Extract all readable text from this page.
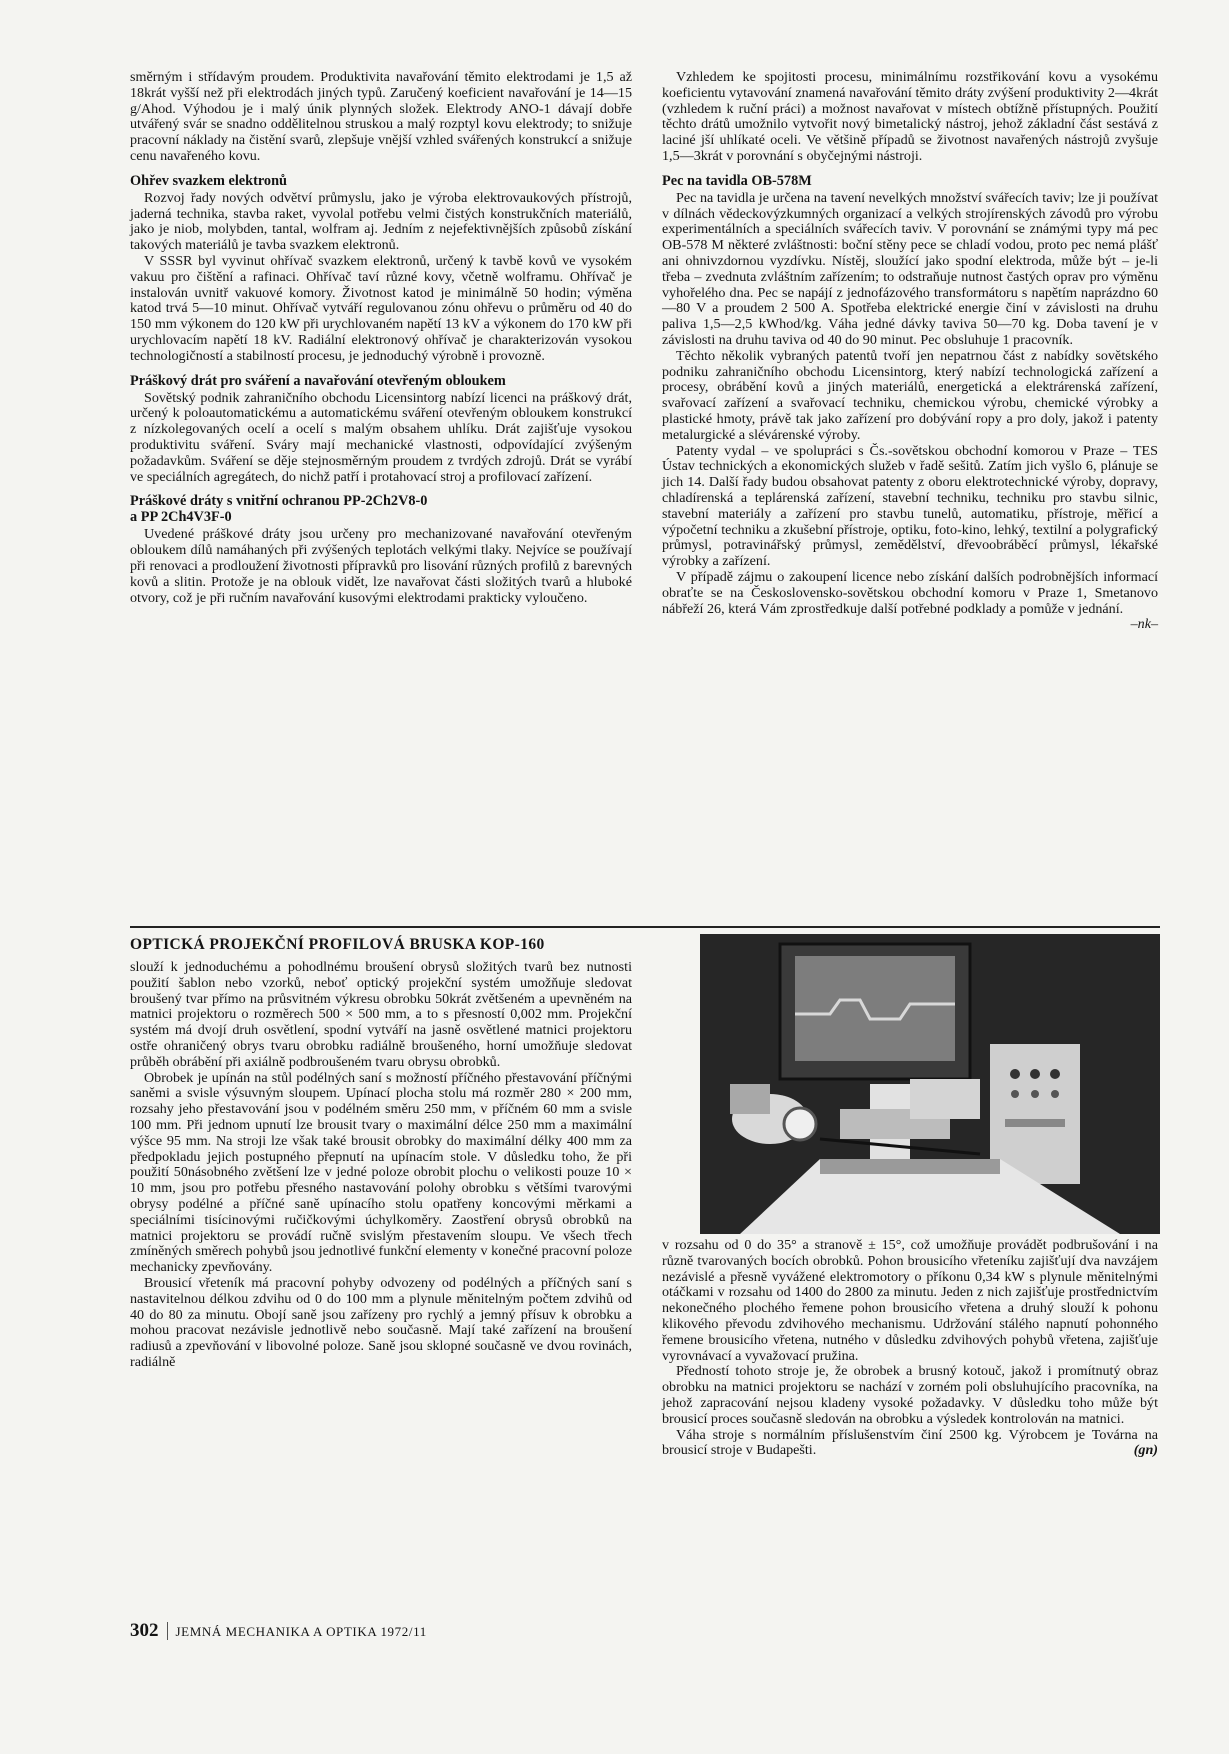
směrným i střídavým proudem. Produktivita navařování těmito elektrodami je 1,5 až 18krát vyšší než při elektrodách jiných typů. Zaručený koeficient navařování je 14—15 g/Ahod. Výhodou je i malý únik plynných složek. Elektrody ANO-1 dávají dobře utvářený svár se snadno oddělitelnou struskou a malý rozptyl kovu elektrody; to snižuje pracovní náklady na čistění svarů, zlepšuje vnější vzhled svářených konstrukcí a snižuje cenu navařeného kovu.

Ohřev svazkem elektronů

Rozvoj řady nových odvětví průmyslu, jako je výroba elektrovaukových přístrojů, jaderná technika, stavba raket, vyvolal potřebu velmi čistých konstrukčních materiálů, jako je niob, molybden, tantal, wolfram aj. Jedním z nejefektivnějších způsobů získání takových materiálů je tavba svazkem elektronů.

V SSSR byl vyvinut ohřívač svazkem elektronů, určený k tavbě kovů ve vysokém vakuu pro čištění a rafinaci. Ohřívač taví různé kovy, včetně wolframu. Ohřívač je instalován uvnitř vakuové komory. Životnost katod je minimálně 50 hodin; výměna katod trvá 5—10 minut. Ohřívač vytváří regulovanou zónu ohřevu o průměru od 40 do 150 mm výkonem do 120 kW při urychlovaném napětí 13 kV a výkonem do 170 kW při urychlovacím napětí 18 kV. Radiální elektronový ohřívač je charakterizován vysokou technologičností a stabilností procesu, je jednoduchý výrobně i provozně.

Práškový drát pro sváření a navařování otevřeným obloukem

Sovětský podnik zahraničního obchodu Licensintorg nabízí licenci na práškový drát, určený k poloautomatickému a automatickému sváření otevřeným obloukem konstrukcí z nízkolegovaných ocelí a ocelí s malým obsahem uhlíku. Drát zajišťuje vysokou produktivitu sváření. Sváry mají mechanické vlastnosti, odpovídající zvýšeným požadavkům. Sváření se děje stejnosměrným proudem z tvrdých zdrojů. Drát se vyrábí ve speciálních agregátech, do nichž patří i protahovací stroj a profilovací zařízení.

Práškové dráty s vnitřní ochranou PP-2Ch2V8-0
a PP 2Ch4V3F-0

Uvedené práškové dráty jsou určeny pro mechanizované navařování otevřeným obloukem dílů namáhaných při zvýšených teplotách velkými tlaky. Nejvíce se používají při renovaci a prodloužení životnosti přípravků pro lisování různých profilů z barevných kovů a slitin. Protože je na oblouk vidět, lze navařovat části složitých tvarů a hluboké otvory, což je při ručním navařování kusovými elektrodami prakticky vyloučeno.

Vzhledem ke spojitosti procesu, minimálnímu rozstřikování kovu a vysokému koeficientu vytavování znamená navařování těmito dráty zvýšení produktivity 2—4krát (vzhledem k ruční práci) a možnost navařovat v místech obtížně přístupných. Použití těchto drátů umožnilo vytvořit nový bimetalický nástroj, jehož základní část sestává z laciné jší uhlíkaté oceli. Ve většině případů se životnost navařených nástrojů zvyšuje 1,5—3krát v porovnání s obyčejnými nástroji.

Pec na tavidla OB-578M

Pec na tavidla je určena na tavení nevelkých množství svářecích taviv; lze ji používat v dílnách vědeckovýzkumných organizací a velkých strojírenských závodů pro výrobu experimentálních a speciálních svářecích taviv. V porovnání se známými typy má pec OB-578 M některé zvláštnosti: boční stěny pece se chladí vodou, proto pec nemá plášť ani ohnivzdornou vyzdívku. Nístěj, sloužící jako spodní elektroda, může být – je-li třeba – zvednuta zvláštním zařízením; to odstraňuje nutnost častých oprav pro výměnu vyhořelého dna. Pec se napájí z jednofázového transformátoru s napětím naprázdno 60—80 V a proudem 2 500 A. Spotřeba elektrické energie činí v závislosti na druhu paliva 1,5—2,5 kWhod/kg. Váha jedné dávky taviva 50—70 kg. Doba tavení je v závislosti na druhu taviva od 40 do 90 minut. Pec obsluhuje 1 pracovník.

Těchto několik vybraných patentů tvoří jen nepatrnou část z nabídky sovětského podniku zahraničního obchodu Licensintorg, který nabízí technologická zařízení a procesy, obrábění kovů a jiných materiálů, energetická a elektrárenská zařízení, svařovací zařízení a svařovací techniku, chemickou výrobu, chemické výrobky a plastické hmoty, právě tak jako zařízení pro dobývání ropy a pro doly, jakož i patenty metalurgické a slévárenské výroby.

Patenty vydal – ve spolupráci s Čs.-sovětskou obchodní komorou v Praze – TES Ústav technických a ekonomických služeb v řadě sešitů. Zatím jich vyšlo 6, plánuje se jich 14. Další řady budou obsahovat patenty z oboru elektrotechnické výroby, dopravy, chladírenská a teplárenská zařízení, stavební techniku, techniku pro stavbu silnic, stavební materiály a zařízení pro stavbu tunelů, automatiku, přístroje, měřicí a výpočetní techniku a zkušební přístroje, optiku, foto-kino, lehký, textilní a polygrafický průmysl, potravinářský průmysl, zemědělství, dřevoobráběcí průmysl, lékařské výrobky a zařízení.

V případě zájmu o zakoupení licence nebo získání dalších podrobnějších informací obraťte se na Československo-sovětskou obchodní komoru v Praze 1, Smetanovo nábřeží 26, která Vám zprostředkuje další potřebné podklady a pomůže v jednání.

–nk–

OPTICKÁ PROJEKČNÍ PROFILOVÁ BRUSKA KOP-160

slouží k jednoduchému a pohodlnému broušení obrysů složitých tvarů bez nutnosti použití šablon nebo vzorků, neboť optický projekční systém umožňuje sledovat broušený tvar přímo na průsvitném výkresu obrobku 50krát zvětšeném a upevněném na matnici projektoru o rozměrech 500 × 500 mm, a to s přesností 0,002 mm. Projekční systém má dvojí druh osvětlení, spodní vytváří na jasně osvětlené matnici projektoru ostře ohraničený obrys tvaru obrobku radiálně broušeného, horní umožňuje sledovat průběh obrábění při axiálně podbroušeném tvaru obrysu obrobků.

Obrobek je upínán na stůl podélných saní s možností příčného přestavování příčnými saněmi a svisle výsuvným sloupem. Upínací plocha stolu má rozměr 280 × 200 mm, rozsahy jeho přestavování jsou v podélném směru 250 mm, v příčném 60 mm a svisle 100 mm. Při jednom upnutí lze brousit tvary o maximální délce 250 mm a maximální výšce 95 mm. Na stroji lze však také brousit obrobky do maximální délky 400 mm za předpokladu jejich postupného přepnutí na upínacím stole. V důsledku toho, že při použití 50násobného zvětšení lze v jedné poloze obrobit plochu o velikosti pouze 10 × 10 mm, jsou pro potřebu přesného nastavování polohy obrobku s většími tvarovými obrysy podélné a příčné saně upínacího stolu opatřeny koncovými měrkami a speciálními tisícinovými ručičkovými úchylkoměry. Zaostření obrysů obrobků na matnici projektoru se provádí ručně svislým přestavením sloupu. Ve všech třech zmíněných směrech pohybů jsou jednotlivé funkční elementy v konečné pracovní poloze mechanicky zpevňovány.

Brousicí vřeteník má pracovní pohyby odvozeny od podélných a příčných saní s nastavitelnou délkou zdvihu od 0 do 100 mm a plynule měnitelným počtem zdvihů od 40 do 80 za minutu. Obojí saně jsou zařízeny pro rychlý a jemný přísuv k obrobku a mohou pracovat nezávisle jednotlivě nebo současně. Mají také zařízení na broušení radiusů a zpevňování v libovolné poloze. Saně jsou sklopné současně ve dvou rovinách, radiálně

v rozsahu od 0 do 35° a stranově ± 15°, což umožňuje provádět podbrušování i na různě tvarovaných bocích obrobků. Pohon brousicího vřeteníku zajišťují dva navzájem nezávislé a přesně vyvážené elektromotory o příkonu 0,34 kW s plynule měnitelnými otáčkami v rozsahu od 1400 do 2800 za minutu. Jeden z nich zajišťuje prostřednictvím nekonečného plochého řemene pohon brousicího vřetena a druhý slouží k pohonu klikového převodu zdvihového mechanismu. Udržování stálého napnutí pohonného řemene brousicího vřetena, nutného v důsledku zdvihových pohybů vřetena, zajišťuje vyrovnávací a vyvažovací pružina.

Předností tohoto stroje je, že obrobek a brusný kotouč, jakož i promítnutý obraz obrobku na matnici projektoru se nachází v zorném poli obsluhujícího pracovníka, na jehož zapracování nejsou kladeny vysoké požadavky. V důsledku toho může být brousicí proces současně sledován na obrobku a výsledek kontrolován na matnici.

Váha stroje s normálním příslušenstvím činí 2500 kg. Výrobcem je Továrna na brousicí stroje v Budapešti.	(gn)

302 JEMNÁ MECHANIKA A OPTIKA 1972/11
